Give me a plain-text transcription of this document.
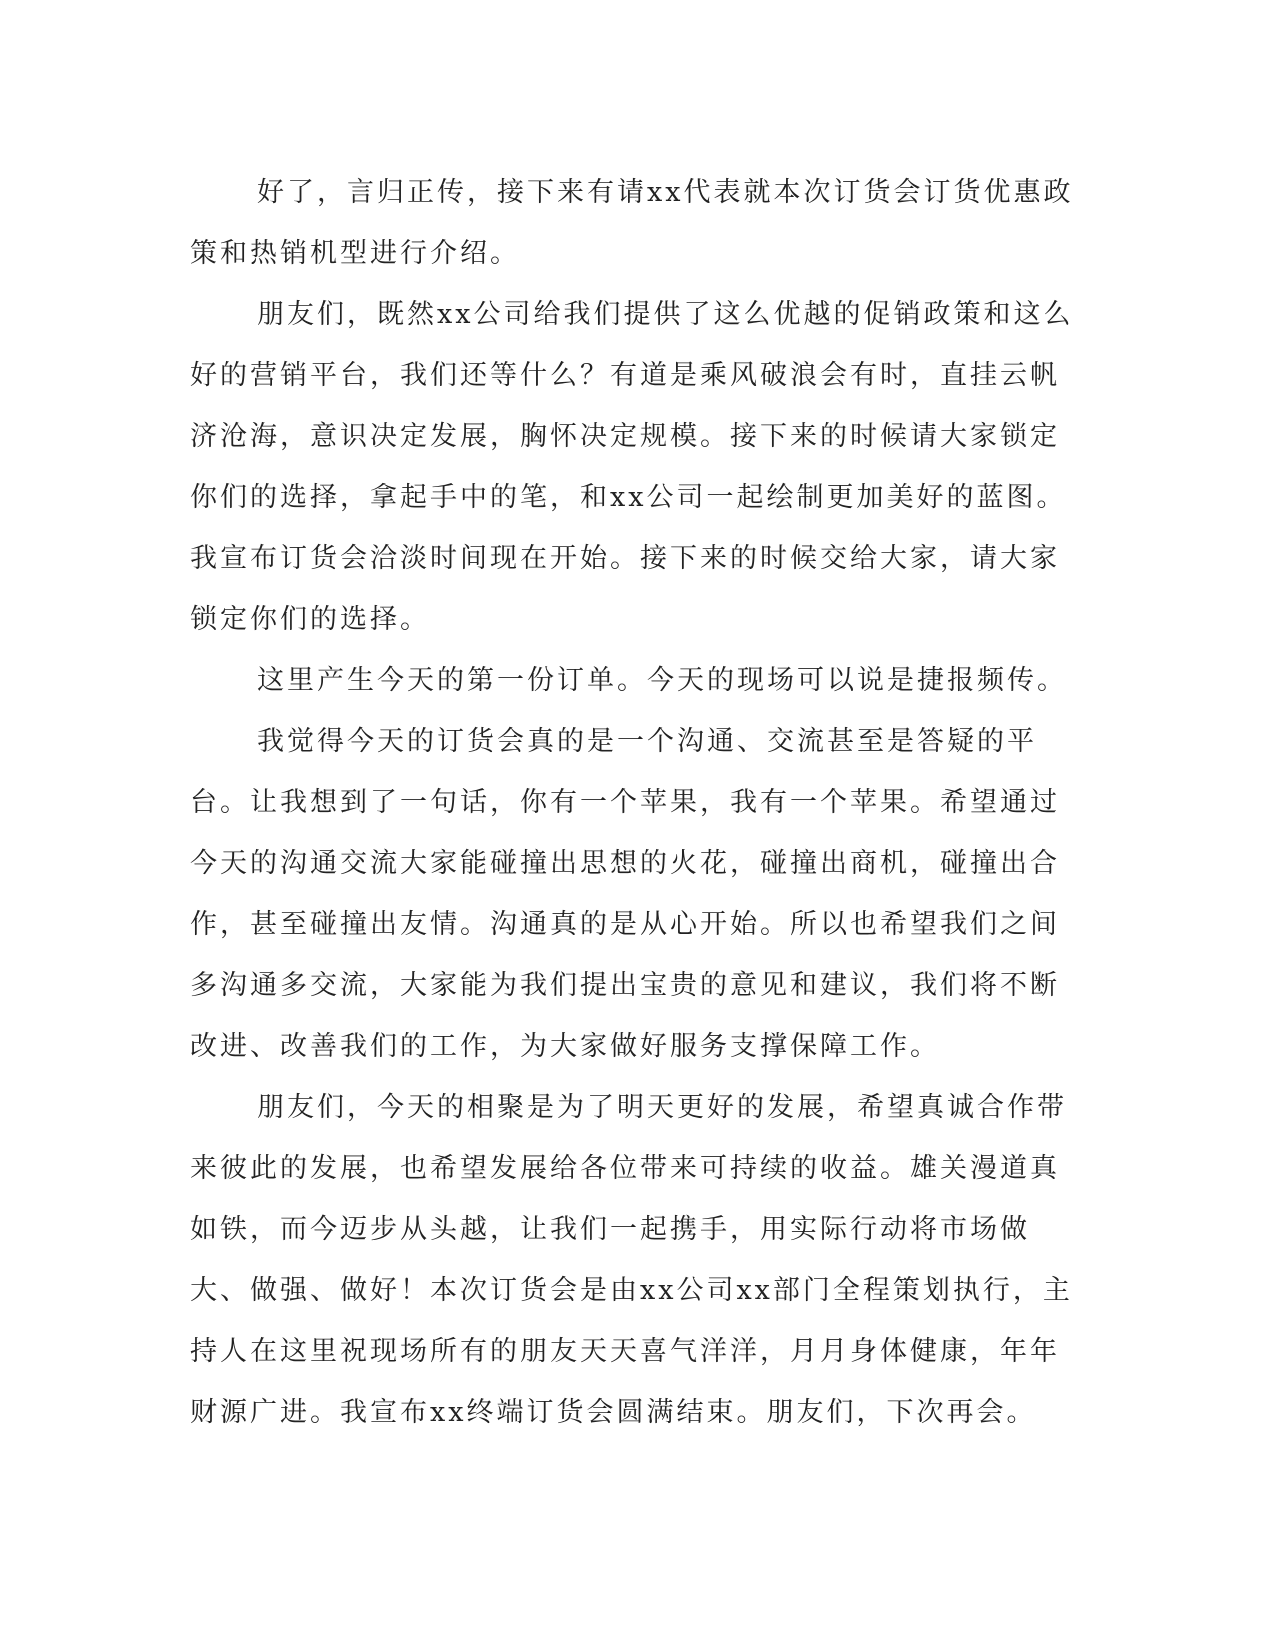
好了，言归正传，接下来有请xx代表就本次订货会订货优惠政策和热销机型进行介绍。

朋友们，既然xx公司给我们提供了这么优越的促销政策和这么好的营销平台，我们还等什么？有道是乘风破浪会有时，直挂云帆济沧海，意识决定发展，胸怀决定规模。接下来的时候请大家锁定你们的选择，拿起手中的笔，和xx公司一起绘制更加美好的蓝图。我宣布订货会洽淡时间现在开始。接下来的时候交给大家，请大家锁定你们的选择。

这里产生今天的第一份订单。今天的现场可以说是捷报频传。

我觉得今天的订货会真的是一个沟通、交流甚至是答疑的平台。让我想到了一句话，你有一个苹果，我有一个苹果。希望通过今天的沟通交流大家能碰撞出思想的火花，碰撞出商机，碰撞出合作，甚至碰撞出友情。沟通真的是从心开始。所以也希望我们之间多沟通多交流，大家能为我们提出宝贵的意见和建议，我们将不断改进、改善我们的工作，为大家做好服务支撑保障工作。

朋友们，今天的相聚是为了明天更好的发展，希望真诚合作带来彼此的发展，也希望发展给各位带来可持续的收益。雄关漫道真如铁，而今迈步从头越，让我们一起携手，用实际行动将市场做大、做强、做好！本次订货会是由xx公司xx部门全程策划执行，主持人在这里祝现场所有的朋友天天喜气洋洋，月月身体健康，年年财源广进。我宣布xx终端订货会圆满结束。朋友们，下次再会。
